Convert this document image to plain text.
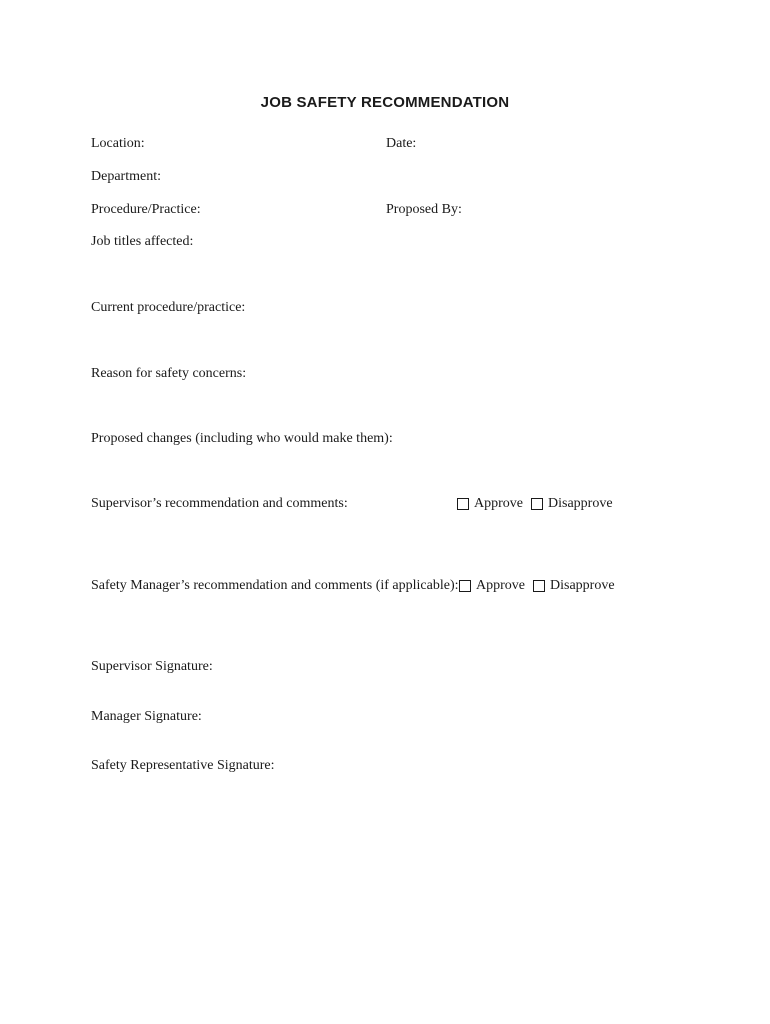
JOB SAFETY RECOMMENDATION
Location:	Date:
Department:
Procedure/Practice:	Proposed By:
Job titles affected:
Current procedure/practice:
Reason for safety concerns:
Proposed changes (including who would make them):
Supervisor’s recommendation and comments:	Approve Disapprove
Safety Manager’s recommendation and comments (if applicable): Approve Disapprove
Supervisor Signature:
Manager Signature:
Safety Representative Signature:
